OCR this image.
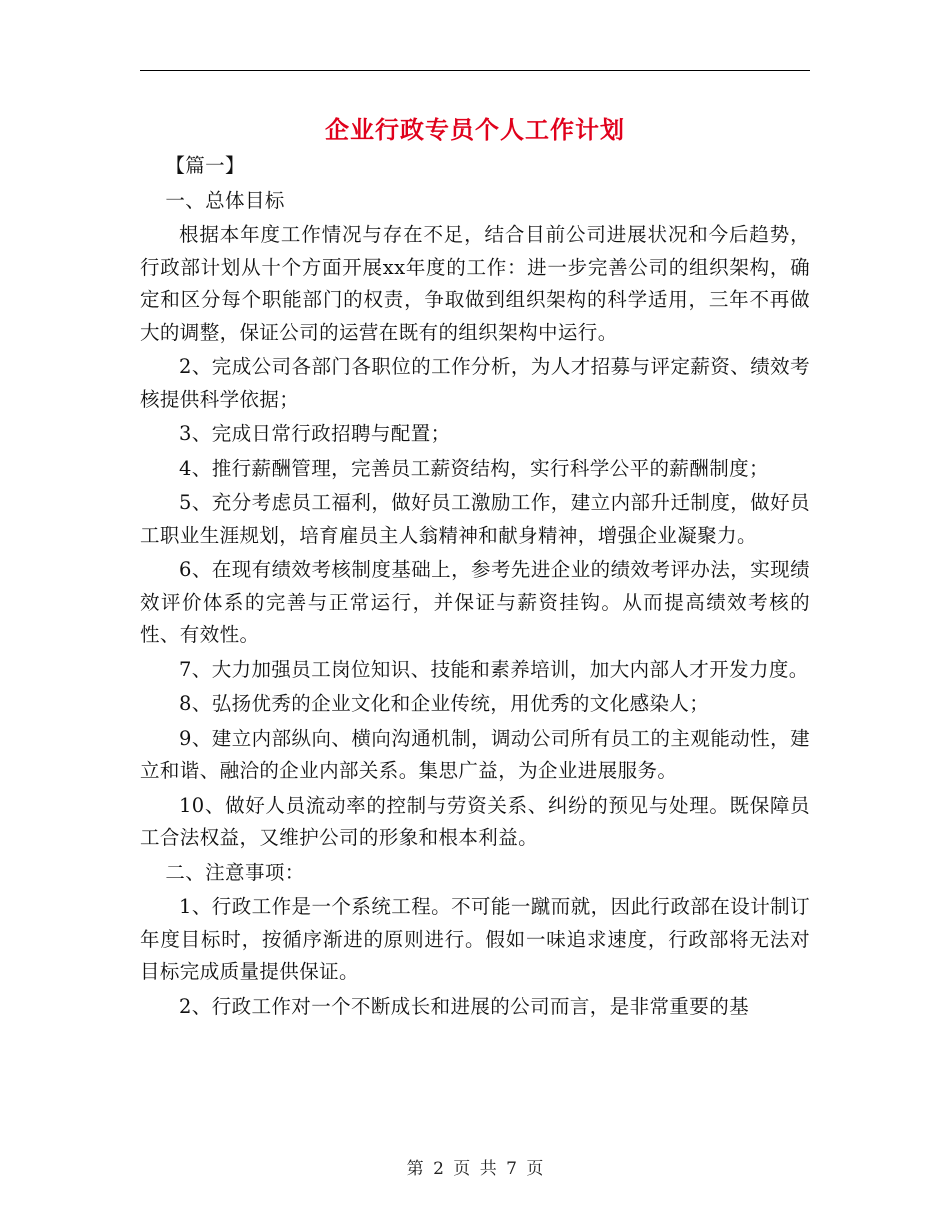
企业行政专员个人工作计划

【篇一】

一、总体目标

根据本年度工作情况与存在不足，结合目前公司进展状况和今后趋势，行政部计划从十个方面开展xx年度的工作：进一步完善公司的组织架构，确定和区分每个职能部门的权责，争取做到组织架构的科学适用，三年不再做大的调整，保证公司的运营在既有的组织架构中运行。

2、完成公司各部门各职位的工作分析，为人才招募与评定薪资、绩效考核提供科学依据；

3、完成日常行政招聘与配置；

4、推行薪酬管理，完善员工薪资结构，实行科学公平的薪酬制度；

5、充分考虑员工福利，做好员工激励工作，建立内部升迁制度，做好员工职业生涯规划，培育雇员主人翁精神和献身精神，增强企业凝聚力。

6、在现有绩效考核制度基础上，参考先进企业的绩效考评办法，实现绩效评价体系的完善与正常运行，并保证与薪资挂钩。从而提高绩效考核的性、有效性。

7、大力加强员工岗位知识、技能和素养培训，加大内部人才开发力度。

8、弘扬优秀的企业文化和企业传统，用优秀的文化感染人；

9、建立内部纵向、横向沟通机制，调动公司所有员工的主观能动性，建立和谐、融洽的企业内部关系。集思广益，为企业进展服务。

10、做好人员流动率的控制与劳资关系、纠纷的预见与处理。既保障员工合法权益，又维护公司的形象和根本利益。

二、注意事项：

1、行政工作是一个系统工程。不可能一蹴而就，因此行政部在设计制订年度目标时，按循序渐进的原则进行。假如一味追求速度，行政部将无法对目标完成质量提供保证。

2、行政工作对一个不断成长和进展的公司而言，是非常重要的基

第 2 页 共 7 页
